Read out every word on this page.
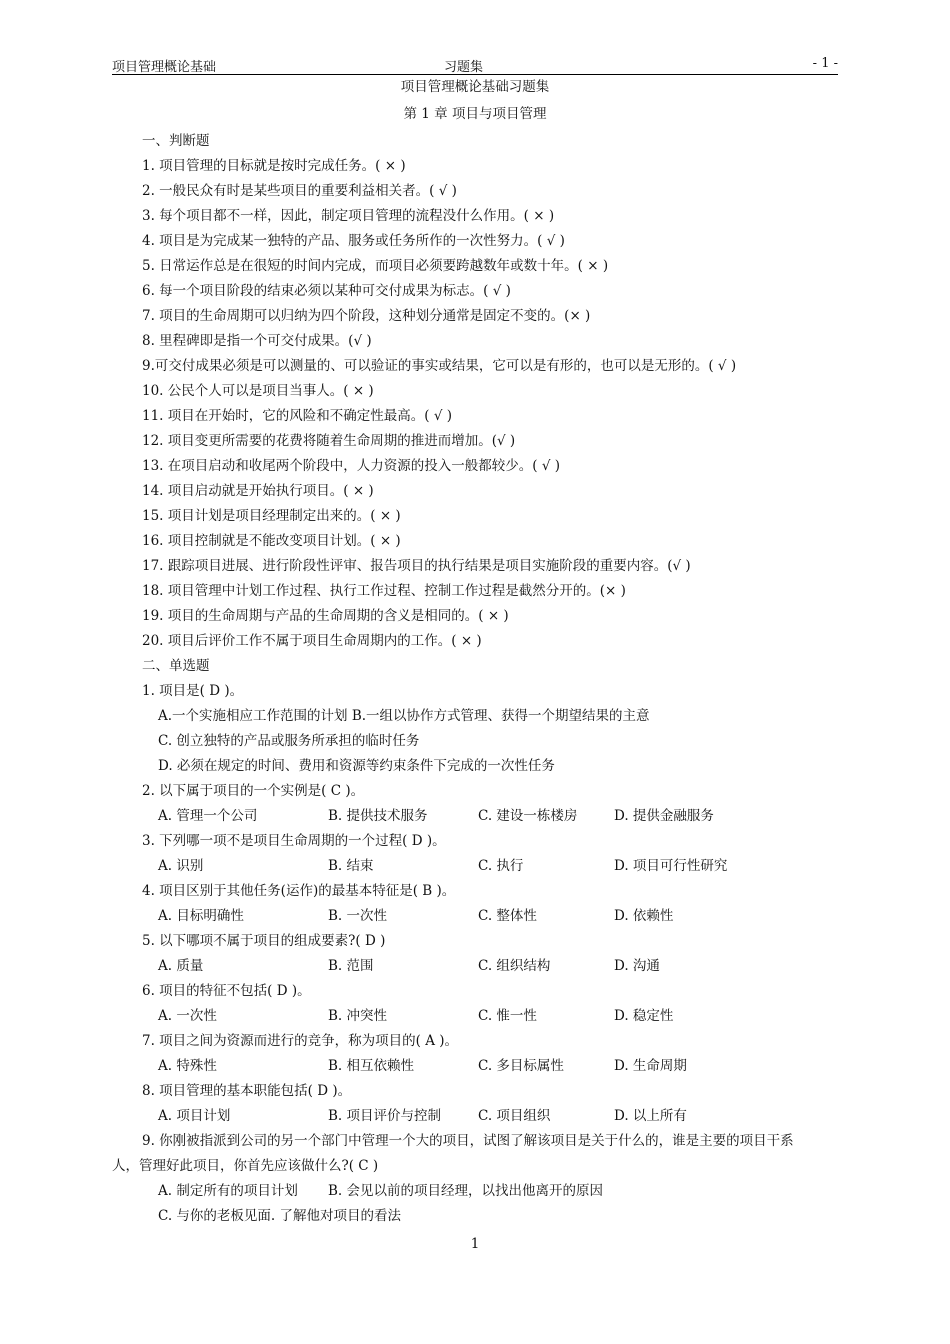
项目管理概论基础	习题集	- 1 -
项目管理概论基础习题集
第 1 章 项目与项目管理
一、判断题
1. 项目管理的目标就是按时完成任务。( × )
2. 一般民众有时是某些项目的重要利益相关者。( √ )
3. 每个项目都不一样，因此，制定项目管理的流程没什么作用。( × )
4. 项目是为完成某一独特的产品、服务或任务所作的一次性努力。( √ )
5. 日常运作总是在很短的时间内完成，而项目必须要跨越数年或数十年。( × )
6. 每一个项目阶段的结束必须以某种可交付成果为标志。( √ )
7. 项目的生命周期可以归纳为四个阶段，这种划分通常是固定不变的。(× )
8. 里程碑即是指一个可交付成果。(√ )
9.可交付成果必须是可以测量的、可以验证的事实或结果，它可以是有形的，也可以是无形的。( √ )
10. 公民个人可以是项目当事人。( × )
11. 项目在开始时，它的风险和不确定性最高。( √ )
12. 项目变更所需要的花费将随着生命周期的推进而增加。(√ )
13. 在项目启动和收尾两个阶段中，人力资源的投入一般都较少。( √ )
14. 项目启动就是开始执行项目。( × )
15. 项目计划是项目经理制定出来的。( × )
16. 项目控制就是不能改变项目计划。( × )
17. 跟踪项目进展、进行阶段性评审、报告项目的执行结果是项目实施阶段的重要内容。(√ )
18. 项目管理中计划工作过程、执行工作过程、控制工作过程是截然分开的。(× )
19. 项目的生命周期与产品的生命周期的含义是相同的。( × )
20. 项目后评价工作不属于项目生命周期内的工作。( × )
二、单选题
1. 项目是( D )。
A.一个实施相应工作范围的计划 B.一组以协作方式管理、获得一个期望结果的主意
C. 创立独特的产品或服务所承担的临时任务
D. 必须在规定的时间、费用和资源等约束条件下完成的一次性任务
2. 以下属于项目的一个实例是( C )。
A. 管理一个公司	B. 提供技术服务	C. 建设一栋楼房	D. 提供金融服务
3. 下列哪一项不是项目生命周期的一个过程( D )。
A. 识别	B. 结束	C. 执行	D. 项目可行性研究
4. 项目区别于其他任务(运作)的最基本特征是( B )。
A. 目标明确性	B. 一次性	C. 整体性	D. 依赖性
5. 以下哪项不属于项目的组成要素?( D )
A. 质量	B. 范围	C. 组织结构	D. 沟通
6. 项目的特征不包括( D )。
A. 一次性	B. 冲突性	C. 惟一性	D. 稳定性
7. 项目之间为资源而进行的竞争，称为项目的( A )。
A. 特殊性	B. 相互依赖性	C. 多目标属性	D. 生命周期
8. 项目管理的基本职能包括( D )。
A. 项目计划	B. 项目评价与控制	C. 项目组织	D. 以上所有
9. 你刚被指派到公司的另一个部门中管理一个大的项目，试图了解该项目是关于什么的，谁是主要的项目干系
人，管理好此项目，你首先应该做什么?( C )
A. 制定所有的项目计划 B. 会见以前的项目经理，以找出他离开的原因
C. 与你的老板见面. 了解他对项目的看法
1
